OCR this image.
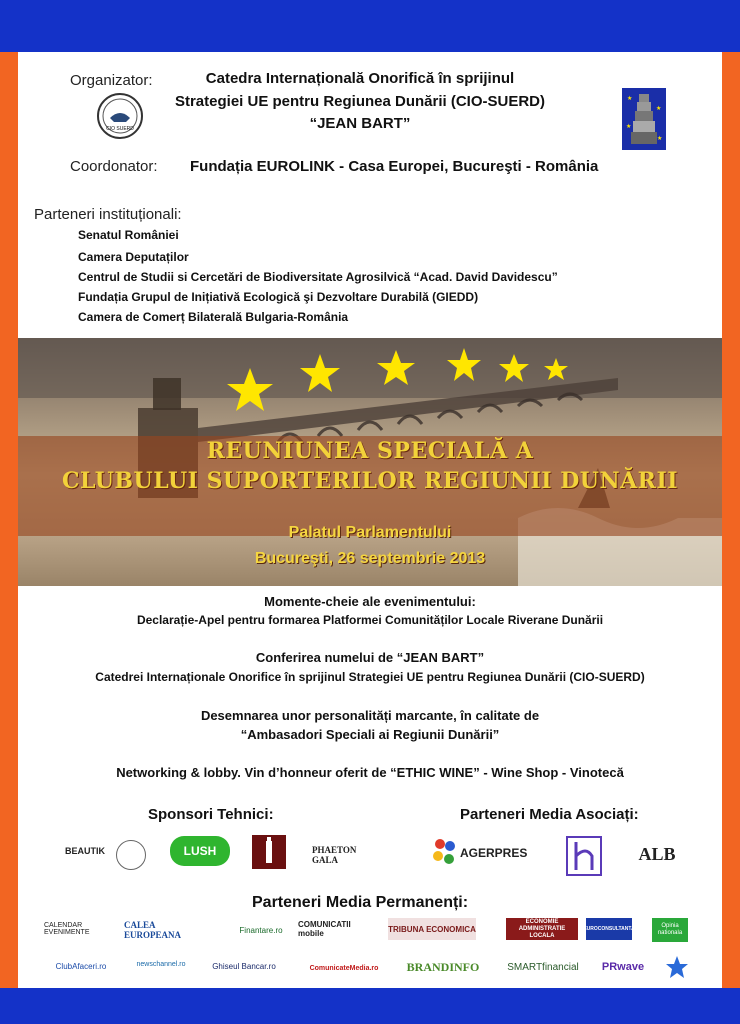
Organizator:	Catedra Internațională Onorifică în sprijinul
Strategiei UE pentru Regiunea Dunării (CIO-SUERD)
“JEAN BART”
CIO SUERD
★
★
★
★
Coordonator: Fundația EUROLINK - Casa Europei, Bucureşti - România
Parteneri instituționali:
Senatul României
Camera Deputaților
Centrul de Studii si Cercetări de Biodiversitate Agrosilvică “Acad. David Davidescu”
Fundația Grupul de Inițiativă Ecologică şi Dezvoltare Durabilă (GIEDD)
Camera de Comerț Bilaterală Bulgaria-România
REUNIUNEA SPECIALĂ A
CLUBULUI SUPORTERILOR REGIUNII DUNĂRII
Palatul Parlamentului
Bucureşti, 26 septembrie 2013
Momente-cheie ale evenimentului:
Declarație-Apel pentru formarea Platformei Comunităților Locale Riverane Dunării
Conferirea numelui de “JEAN BART”
Catedrei Internaționale Onorifice în sprijinul Strategiei UE pentru Regiunea Dunării (CIO-SUERD)
Desemnarea unor personalități marcante, în calitate de
“Ambasadori Speciali ai Regiunii Dunării”
Networking & lobby. Vin d’honneur oferit de “ETHIC WINE” - Wine Shop - Vinotecă
Sponsori Tehnici:	Parteneri Media Asociați:
BEAUTIK	LUSH	PHAETON GALA	AGERPRES	ALB
Parteneri Media Permanenți:
CALENDAR EVENIMENTE
CALEA EUROPEANA	Finantare.ro
COMUNICATII mobile	TRIBUNA ECONOMICA
ECONOMIE ADMINISTRATIE LOCALA
EUROCONSULTANTA	Opinia nationala
ClubAfaceri.ro	newschannel.ro	Ghiseul Bancar.ro	ComunicateMedia.ro	BRANDINFO	SMARTfinancial	PRwave
